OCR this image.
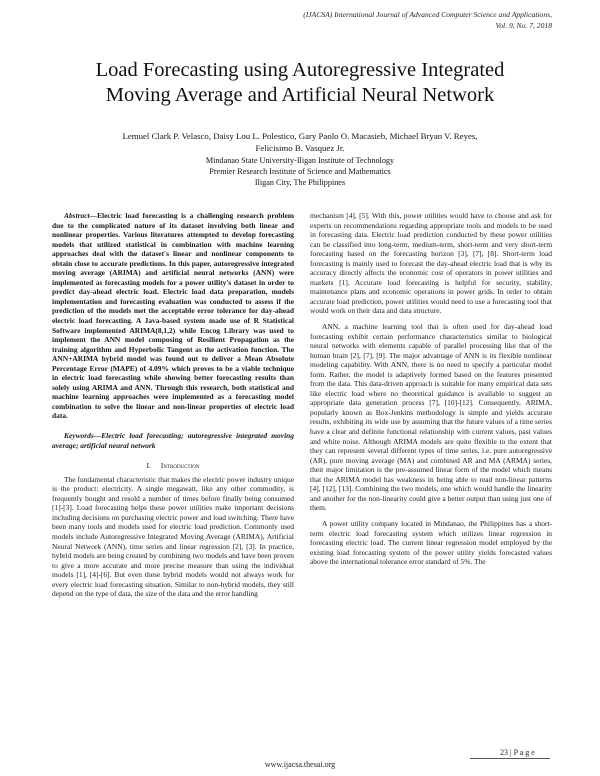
(IJACSA) International Journal of Advanced Computer Science and Applications,
Vol. 9, No. 7, 2018
Load Forecasting using Autoregressive Integrated
Moving Average and Artificial Neural Network
Lemuel Clark P. Velasco, Daisy Lou L. Polestico, Gary Paolo O. Macasieb, Michael Bryan V. Reyes,
Felicisimo B. Vasquez Jr.
Mindanao State University-Iligan Institute of Technology
Premier Research Institute of Science and Mathematics
Iligan City, The Philippines

Abstract—Electric load forecasting is a challenging research problem due to the complicated nature of its dataset involving both linear and nonlinear properties. Various literatures attempted to develop forecasting models that utilized statistical in combination with machine learning approaches deal with the dataset's linear and nonlinear components to obtain close to accurate predictions. In this paper, autoregressive integrated moving average (ARIMA) and artificial neural networks (ANN) were implemented as forecasting models for a power utility's dataset in order to predict day-ahead electric load. Electric load data preparation, models implementation and forecasting evaluation was conducted to assess if the prediction of the models met the acceptable error tolerance for day-ahead electric load forecasting. A Java-based system made use of R Statistical Software implemented ARIMA(8,1,2) while Encog Library was used to implement the ANN model composing of Resilient Propagation as the training algorithm and Hyperbolic Tangent as the activation function. The ANN+ARIMA hybrid model was found out to deliver a Mean Absolute Percentage Error (MAPE) of 4.09% which proves to be a viable technique in electric load forecasting while showing better forecasting results than solely using ARIMA and ANN. Through this research, both statistical and machine learning approaches were implemented as a forecasting model combination to solve the linear and non-linear properties of electric load data.

Keywords—Electric load forecasting; autoregressive integrated moving average; artificial neural network

I. Introduction

The fundamental characteristic that makes the electric power industry unique is the product: electricity. A single megawatt, like any other commodity, is frequently bought and resold a number of times before finally being consumed [1]-[3]. Load forecasting helps these power utilities make important decisions including decisions on purchasing electric power and load switching. There have been many tools and models used for electric load prediction. Commonly used models include Autoregressive Integrated Moving Average (ARIMA), Artificial Neural Network (ANN), time series and linear regression [2], [3]. In practice, hybrid models are being created by combining two models and have been proven to give a more accurate and more precise measure than using the individual models [1], [4]-[6]. But even these hybrid models would not always work for every electric load forecasting situation. Similar to non-hybrid models, they still depend on the type of data, the size of the data and the error handling

mechanism [4], [5]. With this, power utilities would have to choose and ask for experts on recommendations regarding appropriate tools and models to be used in forecasting data. Electric load prediction conducted by these power utilities can be classified into long-term, medium-term, short-term and very short-term forecasting based on the forecasting horizon [3], [7], [8]. Short-term load forecasting is mainly used to forecast the day-ahead electric load that is why its accuracy directly affects the economic cost of operators in power utilities and markets [1]. Accurate load forecasting is helpful for security, stability, maintenance plans and economic operations in power grids. In order to obtain accurate load prediction, power utilities would need to use a forecasting tool that would work on their data and data structure.

ANN, a machine learning tool that is often used for day-ahead load forecasting exhibit certain performance characteristics similar to biological neural networks with elements capable of parallel processing like that of the human brain [2], [7], [9]. The major advantage of ANN is its flexible nonlinear modeling capability. With ANN, there is no need to specify a particular model form. Rather, the model is adaptively formed based on the features presented from the data. This data-driven approach is suitable for many empirical data sets like electric load where no theoretical guidance is available to suggest an appropriate data generation process [7], [10]-[12]. Consequently, ARIMA, popularly known as Box-Jenkins methodology is simple and yields accurate results, exhibiting its wide use by assuming that the future values of a time series have a clear and definite functional relationship with current values, past values and white noise. Although ARIMA models are quite flexible to the extent that they can represent several different types of time series, i.e. pure autoregressive (AR), pure moving average (MA) and combined AR and MA (ARMA) series, their major limitation is the pre-assumed linear form of the model which means that the ARIMA model has weakness in being able to read non-linear patterns [4], [12], [13]. Combining the two models, one which would handle the linearity and another for the non-linearity could give a better output than using just one of them.

A power utility company located in Mindanao, the Philippines has a short-term electric load forecasting system which utilizes linear regression in forecasting electric load. The current linear regression model employed by the existing load forecasting system of the power utility yields forecasted values above the international tolerance error standard of 5%. The

23 | P a g e
www.ijacsa.thesai.org
